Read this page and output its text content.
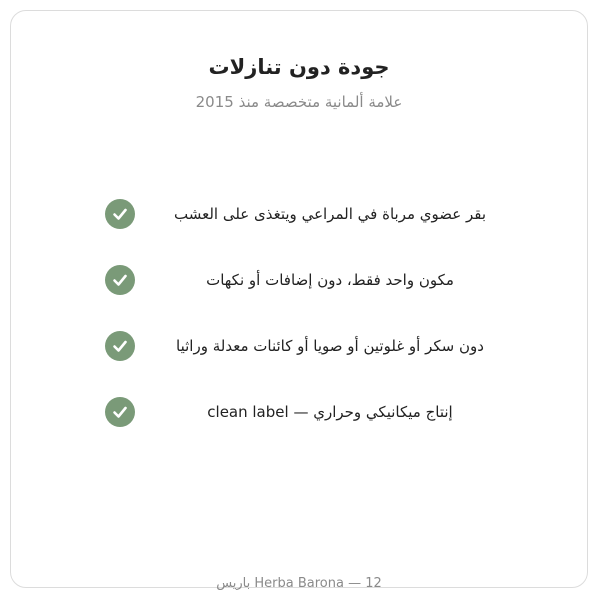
جودة دون تنازلات
علامة ألمانية متخصصة منذ 2015
بقر عضوي مرباة في المراعي ويتغذى على العشب
مكون واحد فقط، دون إضافات أو نكهات
دون سكر أو غلوتين أو صويا أو كائنات معدلة وراثيا
إنتاج ميكانيكي وحراري — clean label
Herba Barona — 12 باريس
